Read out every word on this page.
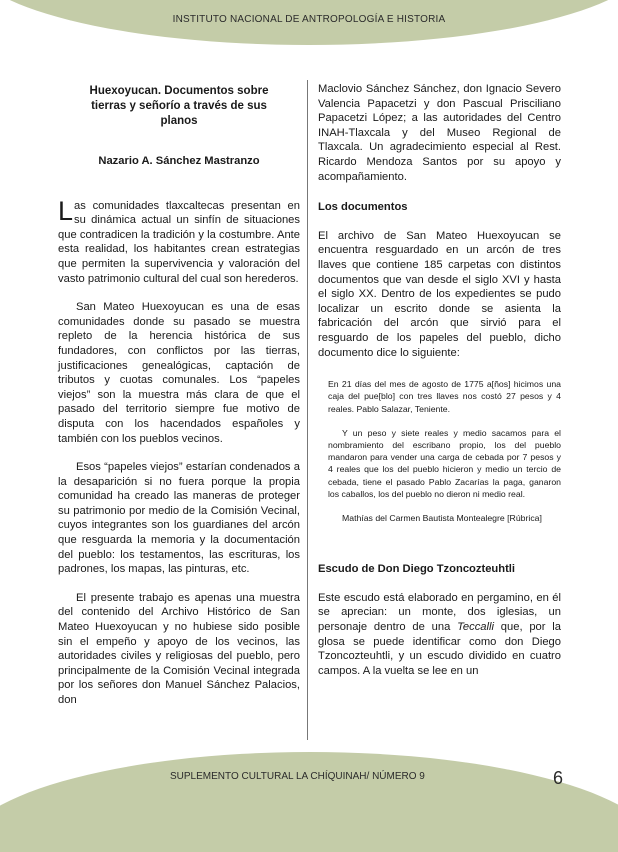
INSTITUTO NACIONAL DE ANTROPOLOGÍA E HISTORIA

Huexoyucan. Documentos sobre tierras y señorío a través de sus planos

Nazario A. Sánchez Mastranzo

Las comunidades tlaxcaltecas presentan en su dinámica actual un sinfín de situaciones que contradicen la tradición y la costumbre. Ante esta realidad, los habitantes crean estrategias que permiten la supervivencia y valoración del vasto patrimonio cultural del cual son herederos.

San Mateo Huexoyucan es una de esas comunidades donde su pasado se muestra repleto de la herencia histórica de sus fundadores, con conflictos por las tierras, justificaciones genealógicas, captación de tributos y cuotas comunales. Los “papeles viejos” son la muestra más clara de que el pasado del territorio siempre fue motivo de disputa con los hacendados españoles y también con los pueblos vecinos.

Esos “papeles viejos” estarían condenados a la desaparición si no fuera porque la propia comunidad ha creado las maneras de proteger su patrimonio por medio de la Comisión Vecinal, cuyos integrantes son los guardianes del arcón que resguarda la memoria y la documentación del pueblo: los testamentos, las escrituras, los padrones, los mapas, las pinturas, etc.

El presente trabajo es apenas una muestra del contenido del Archivo Histórico de San Mateo Huexoyucan y no hubiese sido posible sin el empeño y apoyo de los vecinos, las autoridades civiles y religiosas del pueblo, pero principalmente de la Comisión Vecinal integrada por los señores don Manuel Sánchez Palacios, don

Maclovio Sánchez Sánchez, don Ignacio Severo Valencia Papacetzi y don Pascual Prisciliano Papacetzi López; a las autoridades del Centro INAH-Tlaxcala y del Museo Regional de Tlaxcala. Un agradecimiento especial al Rest. Ricardo Mendoza Santos por su apoyo y acompañamiento.

Los documentos

El archivo de San Mateo Huexoyucan se encuentra resguardado en un arcón de tres llaves que contiene 185 carpetas con distintos documentos que van desde el siglo XVI y hasta el siglo XX. Dentro de los expedientes se pudo localizar un escrito donde se asienta la fabricación del arcón que sirvió para el resguardo de los papeles del pueblo, dicho documento dice lo siguiente:

En 21 días del mes de agosto de 1775 a[ños] hicimos una caja del pue[blo] con tres llaves nos costó 27 pesos y 4 reales. Pablo Salazar, Teniente.

Y un peso y siete reales y medio sacamos para el nombramiento del escribano propio, los del pueblo mandaron para vender una carga de cebada por 7 pesos y 4 reales que los del pueblo hicieron y medio un tercio de cebada, tiene el pasado Pablo Zacarías la paga, ganaron los caballos, los del pueblo no dieron ni medio real.

Mathías del Carmen Bautista Montealegre [Rúbrica]

Escudo de Don Diego Tzoncozteuhtli

Este escudo está elaborado en pergamino, en él se aprecian: un monte, dos iglesias, un personaje dentro de una Teccalli que, por la glosa se puede identificar como don Diego Tzoncozteuhtli, y un escudo dividido en cuatro campos. A la vuelta se lee en un

SUPLEMENTO CULTURAL LA CHÍQUINAH/ NÚMERO 9	6
